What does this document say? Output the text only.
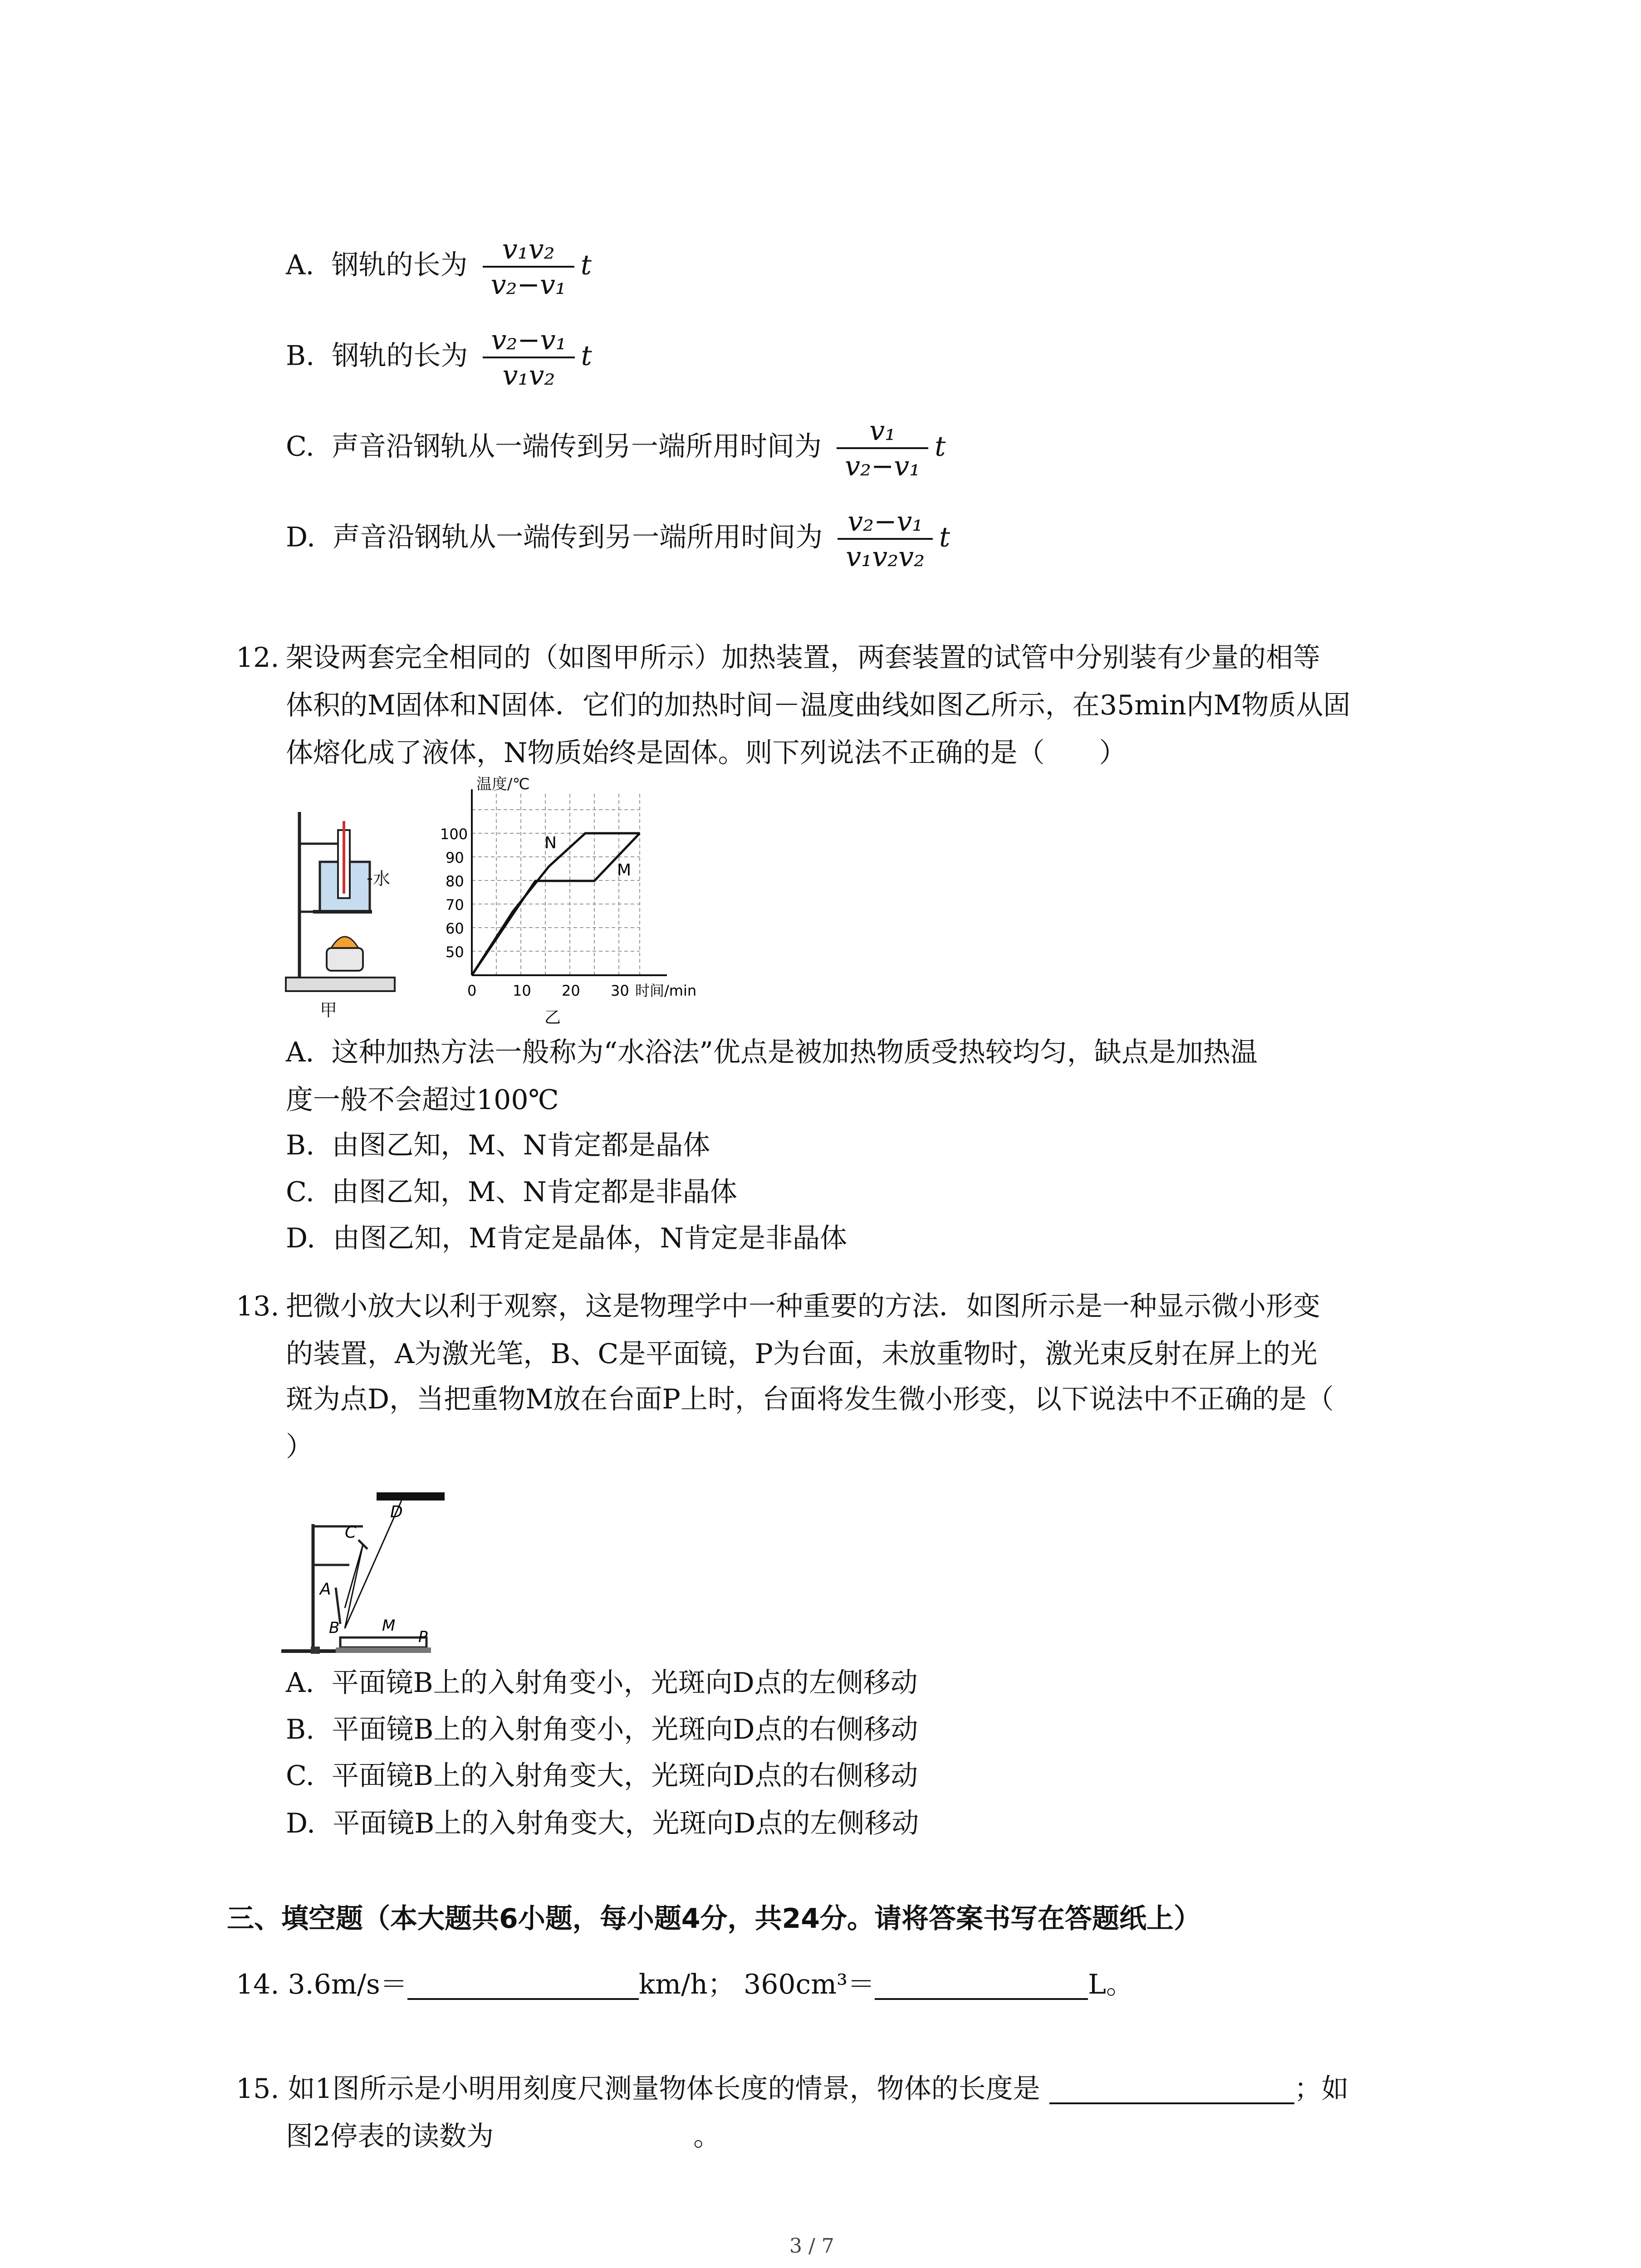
A. 钢轨的长为 $\frac{\text{v₁v₂}}{\text{v₂−v₁}}$ t
B. 钢轨的长为 $\frac{\text{v₂−v₁}}{\text{v₁v₂}}$ t
C. 声音沿钢轨从一端传到另一端所用时间为 $\frac{\text{v₁}}{\text{v₂−v₁}}$ t
D. 声音沿钢轨从一端传到另一端所用时间为 $\frac{\text{v₂−v₁}}{\text{v₁v₂v₂}}$ t
12. 架设两套完全相同的（如图甲所示）加热装置，两套装置的试管中分别装有少量的相等
体积的M固体和N固体．它们的加热时间－温度曲线如图乙所示，在35min内M物质从固
体熔化成了液体，N物质始终是固体。则下列说法不正确的是（　　）
水
甲
温度/℃
100
90
80
70
60
50
0 10 20 30 时间/min
N
M
乙
A. 这种加热方法一般称为“水浴法”优点是被加热物质受热较均匀，缺点是加热温
度一般不会超过100℃
B. 由图乙知，M、N肯定都是晶体
C. 由图乙知，M、N肯定都是非晶体
D. 由图乙知，M肯定是晶体，N肯定是非晶体
13. 把微小放大以利于观察，这是物理学中一种重要的方法．如图所示是一种显示微小形变
的装置，A为激光笔，B、C是平面镜，P为台面，未放重物时，激光束反射在屏上的光
斑为点D，当把重物M放在台面P上时，台面将发生微小形变，以下说法中不正确的是（
）
C
D
A
B	M
P
A. 平面镜B上的入射角变小，光斑向D点的左侧移动
B. 平面镜B上的入射角变小，光斑向D点的右侧移动
C. 平面镜B上的入射角变大，光斑向D点的右侧移动
D. 平面镜B上的入射角变大，光斑向D点的左侧移动
三、填空题（本大题共6小题，每小题4分，共24分。请将答案书写在答题纸上）
14. 3.6m/s＝	km/h； 360cm³＝	L。
15. 如1图所示是小明用刻度尺测量物体长度的情景，物体的长度是	；如
图2停表的读数为	。
3 / 7
